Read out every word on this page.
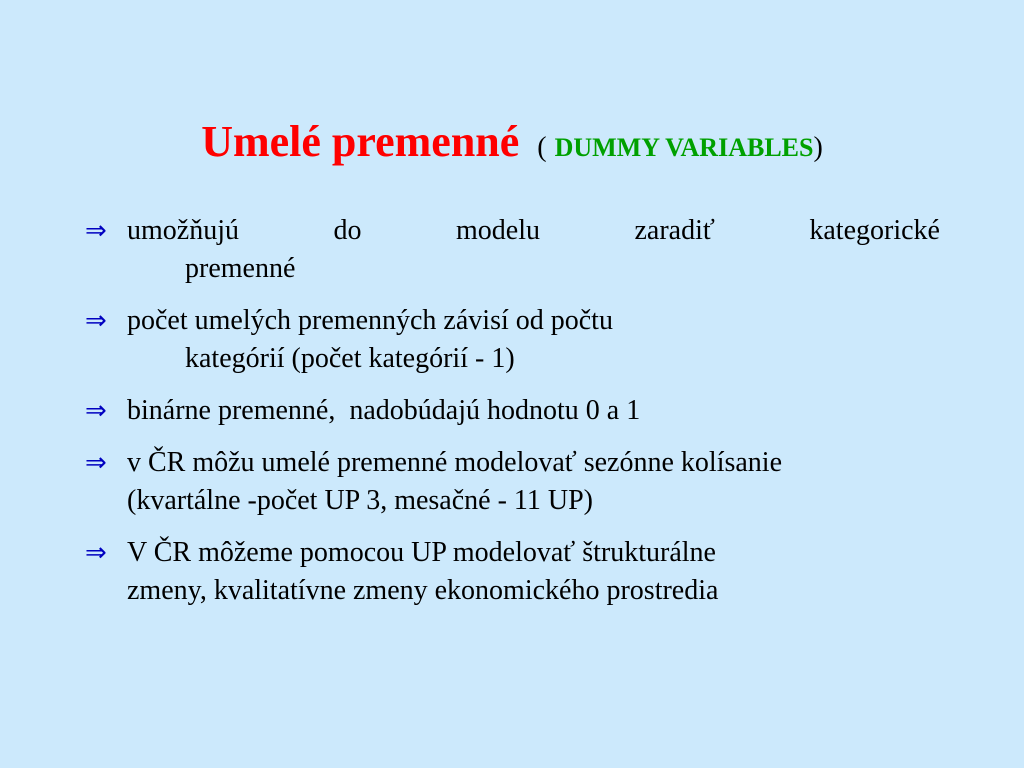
Umelé premenné ( DUMMY VARIABLES)
⇒ umožňujú	do	modelu	zaradiť	kategorické
premenné
⇒ počet umelých premenných závisí od počtu
kategórií (počet kategórií - 1)
⇒ binárne premenné,  nadobúdajú hodnotu 0 a 1
⇒ v ČR môžu umelé premenné modelovať sezónne kolísanie
(kvartálne -počet UP 3, mesačné - 11 UP)
⇒ V ČR môžeme pomocou UP modelovať štrukturálne
zmeny, kvalitatívne zmeny ekonomického prostredia
